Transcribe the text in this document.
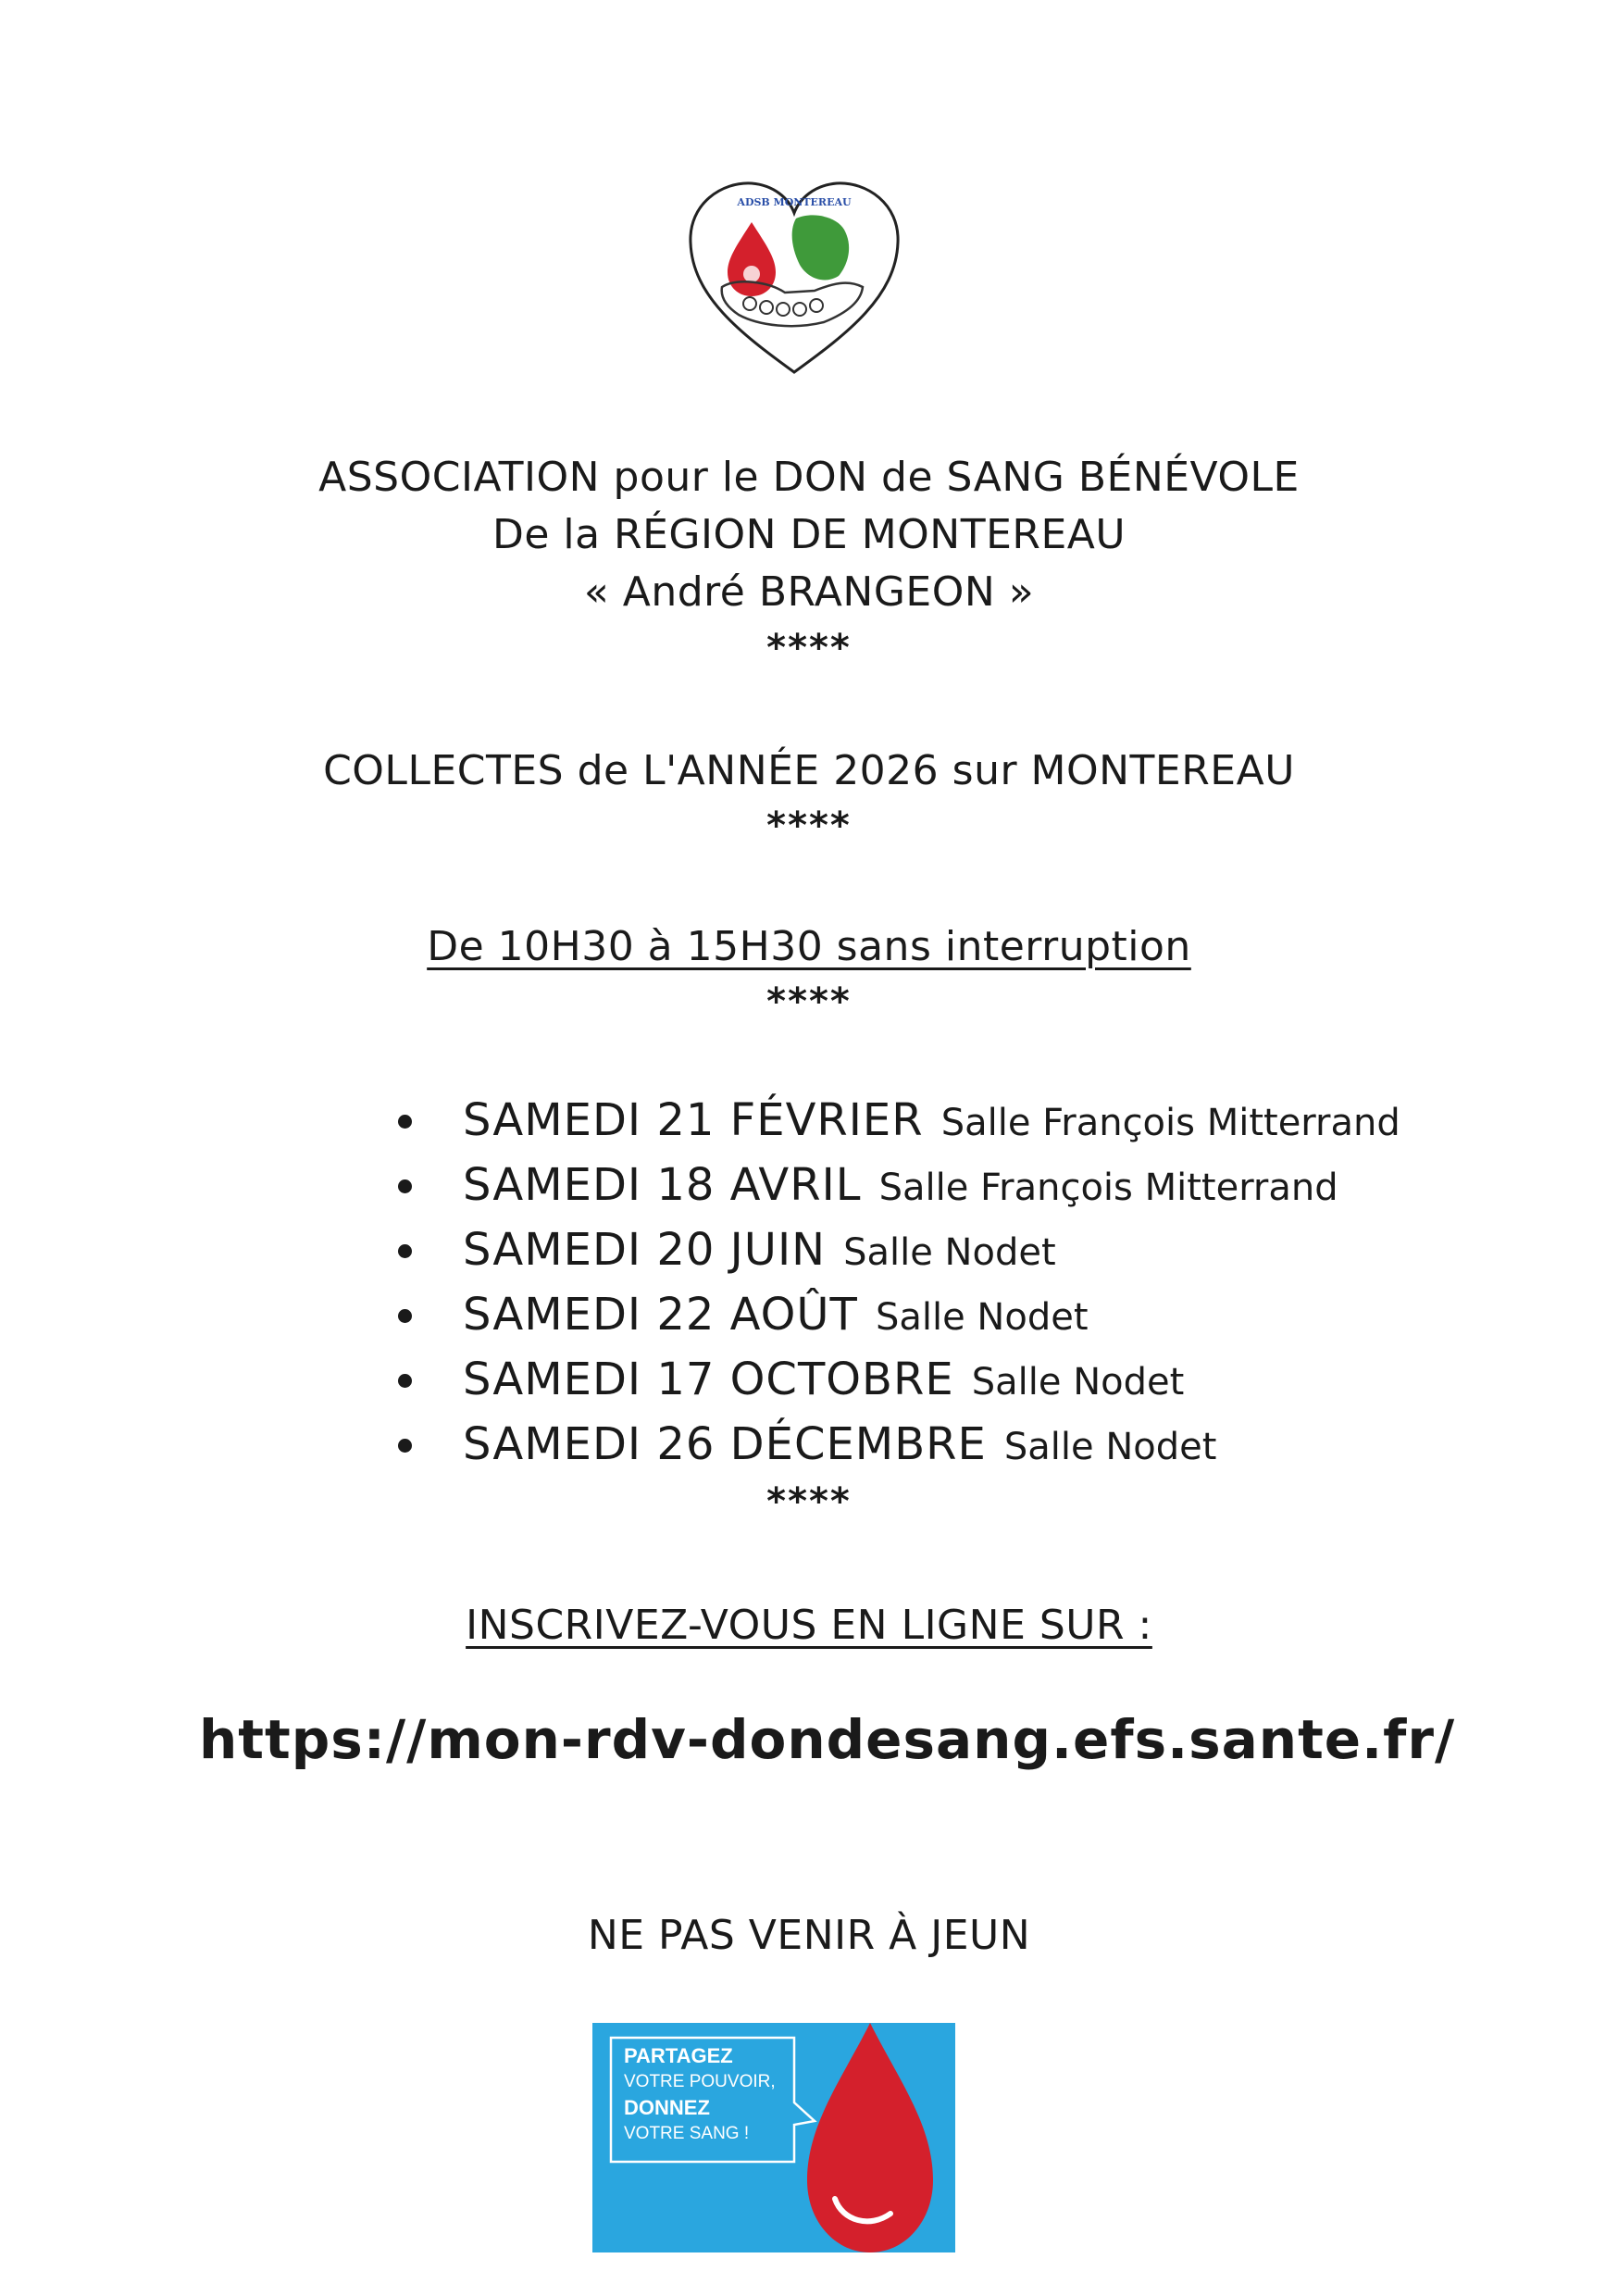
ADSB MONTEREAU
ASSOCIATION pour le DON de SANG BÉNÉVOLE
De la RÉGION DE MONTEREAU
« André BRANGEON »
****
COLLECTES de L'ANNÉE 2026 sur MONTEREAU
****
De 10H30 à 15H30 sans interruption
****
SAMEDI 21 FÉVRIER Salle François Mitterrand
SAMEDI 18 AVRIL Salle François Mitterrand
SAMEDI 20 JUIN Salle Nodet
SAMEDI 22 AOÛT Salle Nodet
SAMEDI 17 OCTOBRE Salle Nodet
SAMEDI 26 DÉCEMBRE Salle Nodet
****
INSCRIVEZ-VOUS EN LIGNE SUR :
https://mon-rdv-dondesang.efs.sante.fr/
NE PAS VENIR À JEUN
PARTAGEZ
VOTRE POUVOIR,
DONNEZ
VOTRE SANG !
